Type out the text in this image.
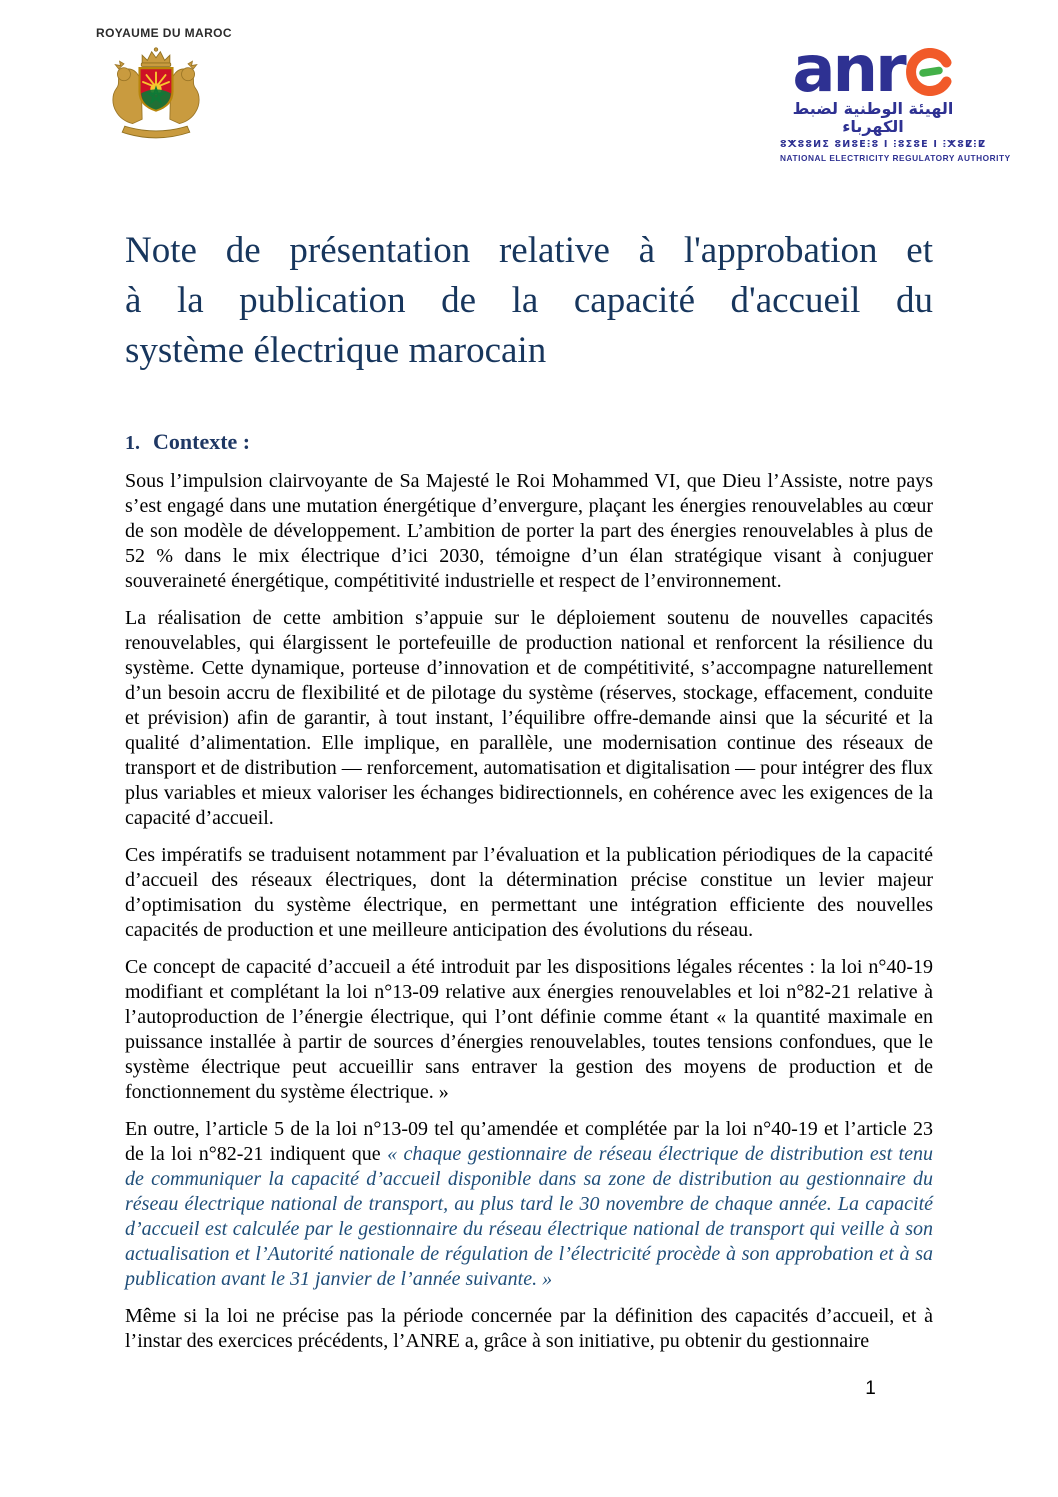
ROYAUME DU MAROC	anr
الهيئة الوطنية لضبط الكهرباء
ⵓⵅⵓⵓⵍⵉ ⵓⵍⵓⴹⵗⵓ ⵏ ⵗⵓⵉⵓⴹ ⵏ ⵗⵅⵓⵇⵗⵇ
NATIONAL ELECTRICITY REGULATORY AUTHORITY
Note de présentation relative à l'approbation et
à la publication de la capacité d'accueil du
système électrique marocain
1. Contexte :

Sous l’impulsion clairvoyante de Sa Majesté le Roi Mohammed VI, que Dieu l’Assiste, notre pays s’est engagé dans une mutation énergétique d’envergure, plaçant les énergies renouvelables au cœur de son modèle de développement. L’ambition de porter la part des énergies renouvelables à plus de 52 % dans le mix électrique d’ici 2030, témoigne d’un élan stratégique visant à conjuguer souveraineté énergétique, compétitivité industrielle et respect de l’environnement.

La réalisation de cette ambition s’appuie sur le déploiement soutenu de nouvelles capacités renouvelables, qui élargissent le portefeuille de production national et renforcent la résilience du système. Cette dynamique, porteuse d’innovation et de compétitivité, s’accompagne naturellement d’un besoin accru de flexibilité et de pilotage du système (réserves, stockage, effacement, conduite et prévision) afin de garantir, à tout instant, l’équilibre offre-demande ainsi que la sécurité et la qualité d’alimentation. Elle implique, en parallèle, une modernisation continue des réseaux de transport et de distribution — renforcement, automatisation et digitalisation — pour intégrer des flux plus variables et mieux valoriser les échanges bidirectionnels, en cohérence avec les exigences de la capacité d’accueil.

Ces impératifs se traduisent notamment par l’évaluation et la publication périodiques de la capacité d’accueil des réseaux électriques, dont la détermination précise constitue un levier majeur d’optimisation du système électrique, en permettant une intégration efficiente des nouvelles capacités de production et une meilleure anticipation des évolutions du réseau.

Ce concept de capacité d’accueil a été introduit par les dispositions légales récentes : la loi n°40-19 modifiant et complétant la loi n°13-09 relative aux énergies renouvelables et loi n°82-21 relative à l’autoproduction de l’énergie électrique, qui l’ont définie comme étant « la quantité maximale en puissance installée à partir de sources d’énergies renouvelables, toutes tensions confondues, que le système électrique peut accueillir sans entraver la gestion des moyens de production et de fonctionnement du système électrique. »

En outre, l’article 5 de la loi n°13-09 tel qu’amendée et complétée par la loi n°40-19 et l’article 23 de la loi n°82-21 indiquent que « chaque gestionnaire de réseau électrique de distribution est tenu de communiquer la capacité d’accueil disponible dans sa zone de distribution au gestionnaire du réseau électrique national de transport, au plus tard le 30 novembre de chaque année. La capacité d’accueil est calculée par le gestionnaire du réseau électrique national de transport qui veille à son actualisation et l’Autorité nationale de régulation de l’électricité procède à son approbation et à sa publication avant le 31 janvier de l’année suivante. »

Même si la loi ne précise pas la période concernée par la définition des capacités d’accueil, et à l’instar des exercices précédents, l’ANRE a, grâce à son initiative, pu obtenir du gestionnaire

1
